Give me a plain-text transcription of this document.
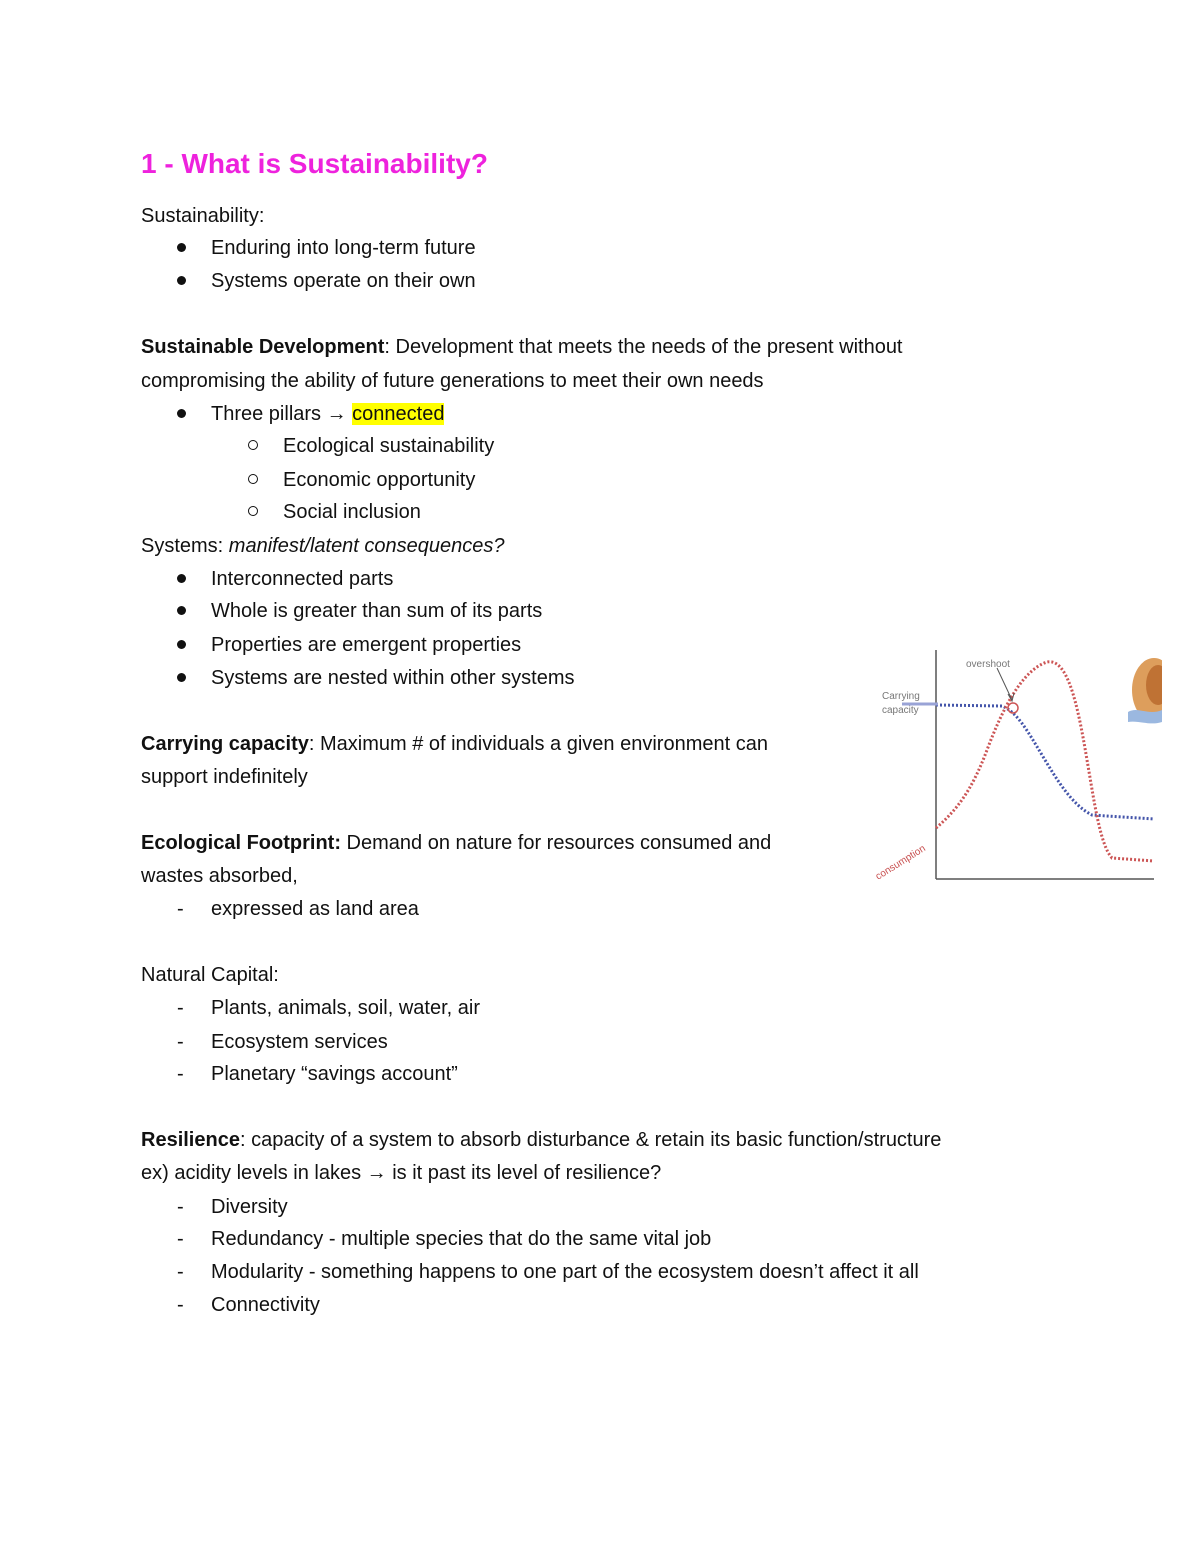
1 - What is Sustainability?
Sustainability:
Enduring into long-term future
Systems operate on their own
Sustainable Development: Development that meets the needs of the present without
compromising the ability of future generations to meet their own needs
Three pillars → connected
Ecological sustainability
Economic opportunity
Social inclusion
Systems: manifest/latent consequences?
Interconnected parts
Whole is greater than sum of its parts
Properties are emergent properties
Systems are nested within other systems
Carrying capacity: Maximum # of individuals a given environment can
support indefinitely
Ecological Footprint: Demand on nature for resources consumed and
wastes absorbed,
- expressed as land area
Natural Capital:
- Plants, animals, soil, water, air
- Ecosystem services
- Planetary “savings account”
Resilience: capacity of a system to absorb disturbance & retain its basic function/structure
ex) acidity levels in lakes → is it past its level of resilience?
- Diversity
- Redundancy - multiple species that do the same vital job
- Modularity - something happens to one part of the ecosystem doesn’t affect it all
- Connectivity
overshoot
Carrying
capacity
consumption
